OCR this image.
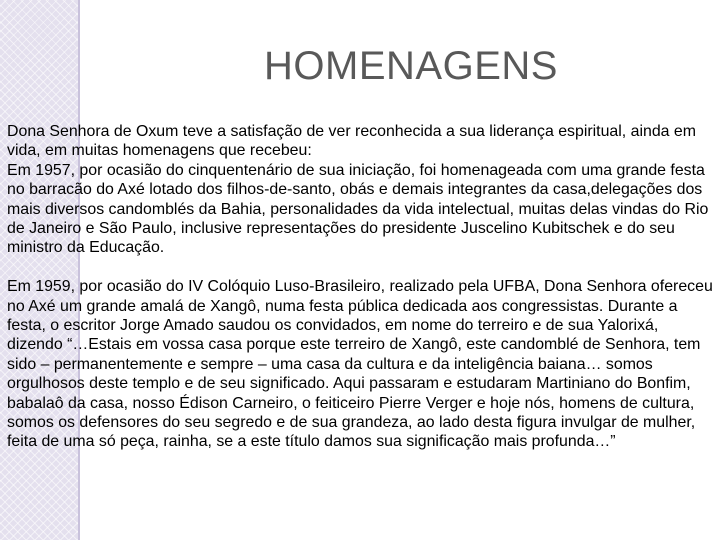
HOMENAGENS

Dona Senhora de Oxum teve a satisfação de ver reconhecida a sua liderança espiritual, ainda em vida, em muitas homenagens que recebeu:

Em 1957, por ocasião do cinquentenário de sua iniciação, foi homenageada com uma grande festa no barracão do Axé lotado dos filhos-de-santo, obás e demais integrantes da casa,delegações dos mais diversos candomblés da Bahia, personalidades da vida intelectual, muitas delas vindas do Rio de Janeiro e São Paulo, inclusive representações do presidente Juscelino Kubitschek e do seu ministro da Educação.

Em 1959, por ocasião do IV Colóquio Luso-Brasileiro, realizado pela UFBA, Dona Senhora ofereceu no Axé um grande amalá de Xangô, numa festa pública dedicada aos congressistas. Durante a festa, o escritor Jorge Amado saudou os convidados, em nome do terreiro e de sua Yalorixá, dizendo “…Estais em vossa casa porque este terreiro de Xangô, este candomblé de Senhora, tem sido – permanentemente e sempre – uma casa da cultura e da inteligência baiana… somos orgulhosos deste templo e de seu significado. Aqui passaram e estudaram Martiniano do Bonfim, babalaô da casa, nosso Édison Carneiro, o feiticeiro Pierre Verger e hoje nós, homens de cultura, somos os defensores do seu segredo e de sua grandeza, ao lado desta figura invulgar de mulher, feita de uma só peça, rainha, se a este título damos sua significação mais profunda…”
